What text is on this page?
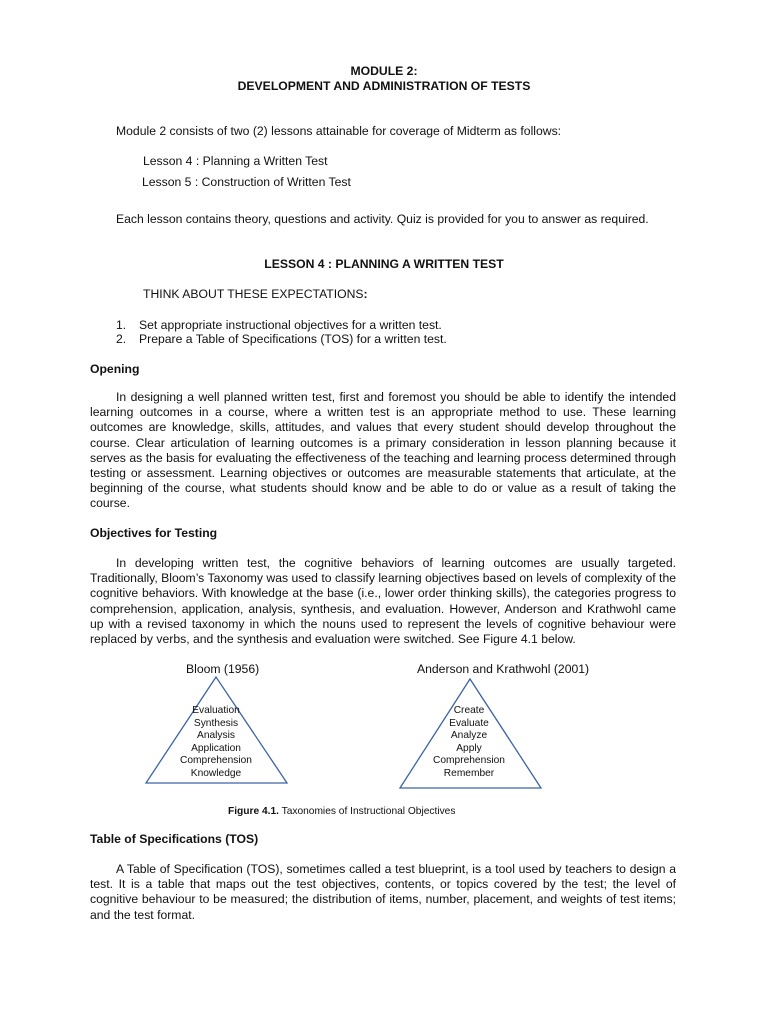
MODULE 2:
DEVELOPMENT AND ADMINISTRATION OF TESTS
Module 2 consists of two (2) lessons attainable for coverage of Midterm as follows:
Lesson 4 : Planning a Written Test
Lesson 5 : Construction of Written Test
Each lesson contains theory, questions and activity. Quiz is provided for you to answer as required.
LESSON 4 : PLANNING A WRITTEN TEST
THINK ABOUT THESE EXPECTATIONS:
1. Set appropriate instructional objectives for a written test.
2. Prepare a Table of Specifications (TOS) for a written test.
Opening
In designing a well planned written test, first and foremost you should be able to identify the intended learning outcomes in a course, where a written test is an appropriate method to use. These learning outcomes are knowledge, skills, attitudes, and values that every student should develop throughout the course. Clear articulation of learning outcomes is a primary consideration in lesson planning because it serves as the basis for evaluating the effectiveness of the teaching and learning process determined through testing or assessment. Learning objectives or outcomes are measurable statements that articulate, at the beginning of the course, what students should know and be able to do or value as a result of taking the course.
Objectives for Testing
In developing written test, the cognitive behaviors of learning outcomes are usually targeted. Traditionally, Bloom’s Taxonomy was used to classify learning objectives based on levels of complexity of the cognitive behaviors. With knowledge at the base (i.e., lower order thinking skills), the categories progress to comprehension, application, analysis, synthesis, and evaluation. However, Anderson and Krathwohl came up with a revised taxonomy in which the nouns used to represent the levels of cognitive behaviour were replaced by verbs, and the synthesis and evaluation were switched. See Figure 4.1 below.
Bloom (1956)	Anderson and Krathwohl (2001)
Evaluation
Synthesis
Analysis
Application
Comprehension
Knowledge
Create
Evaluate
Analyze
Apply
Comprehension
Remember
Figure 4.1. Taxonomies of Instructional Objectives
Table of Specifications (TOS)
A Table of Specification (TOS), sometimes called a test blueprint, is a tool used by teachers to design a test. It is a table that maps out the test objectives, contents, or topics covered by the test; the level of cognitive behaviour to be measured; the distribution of items, number, placement, and weights of test items; and the test format.
